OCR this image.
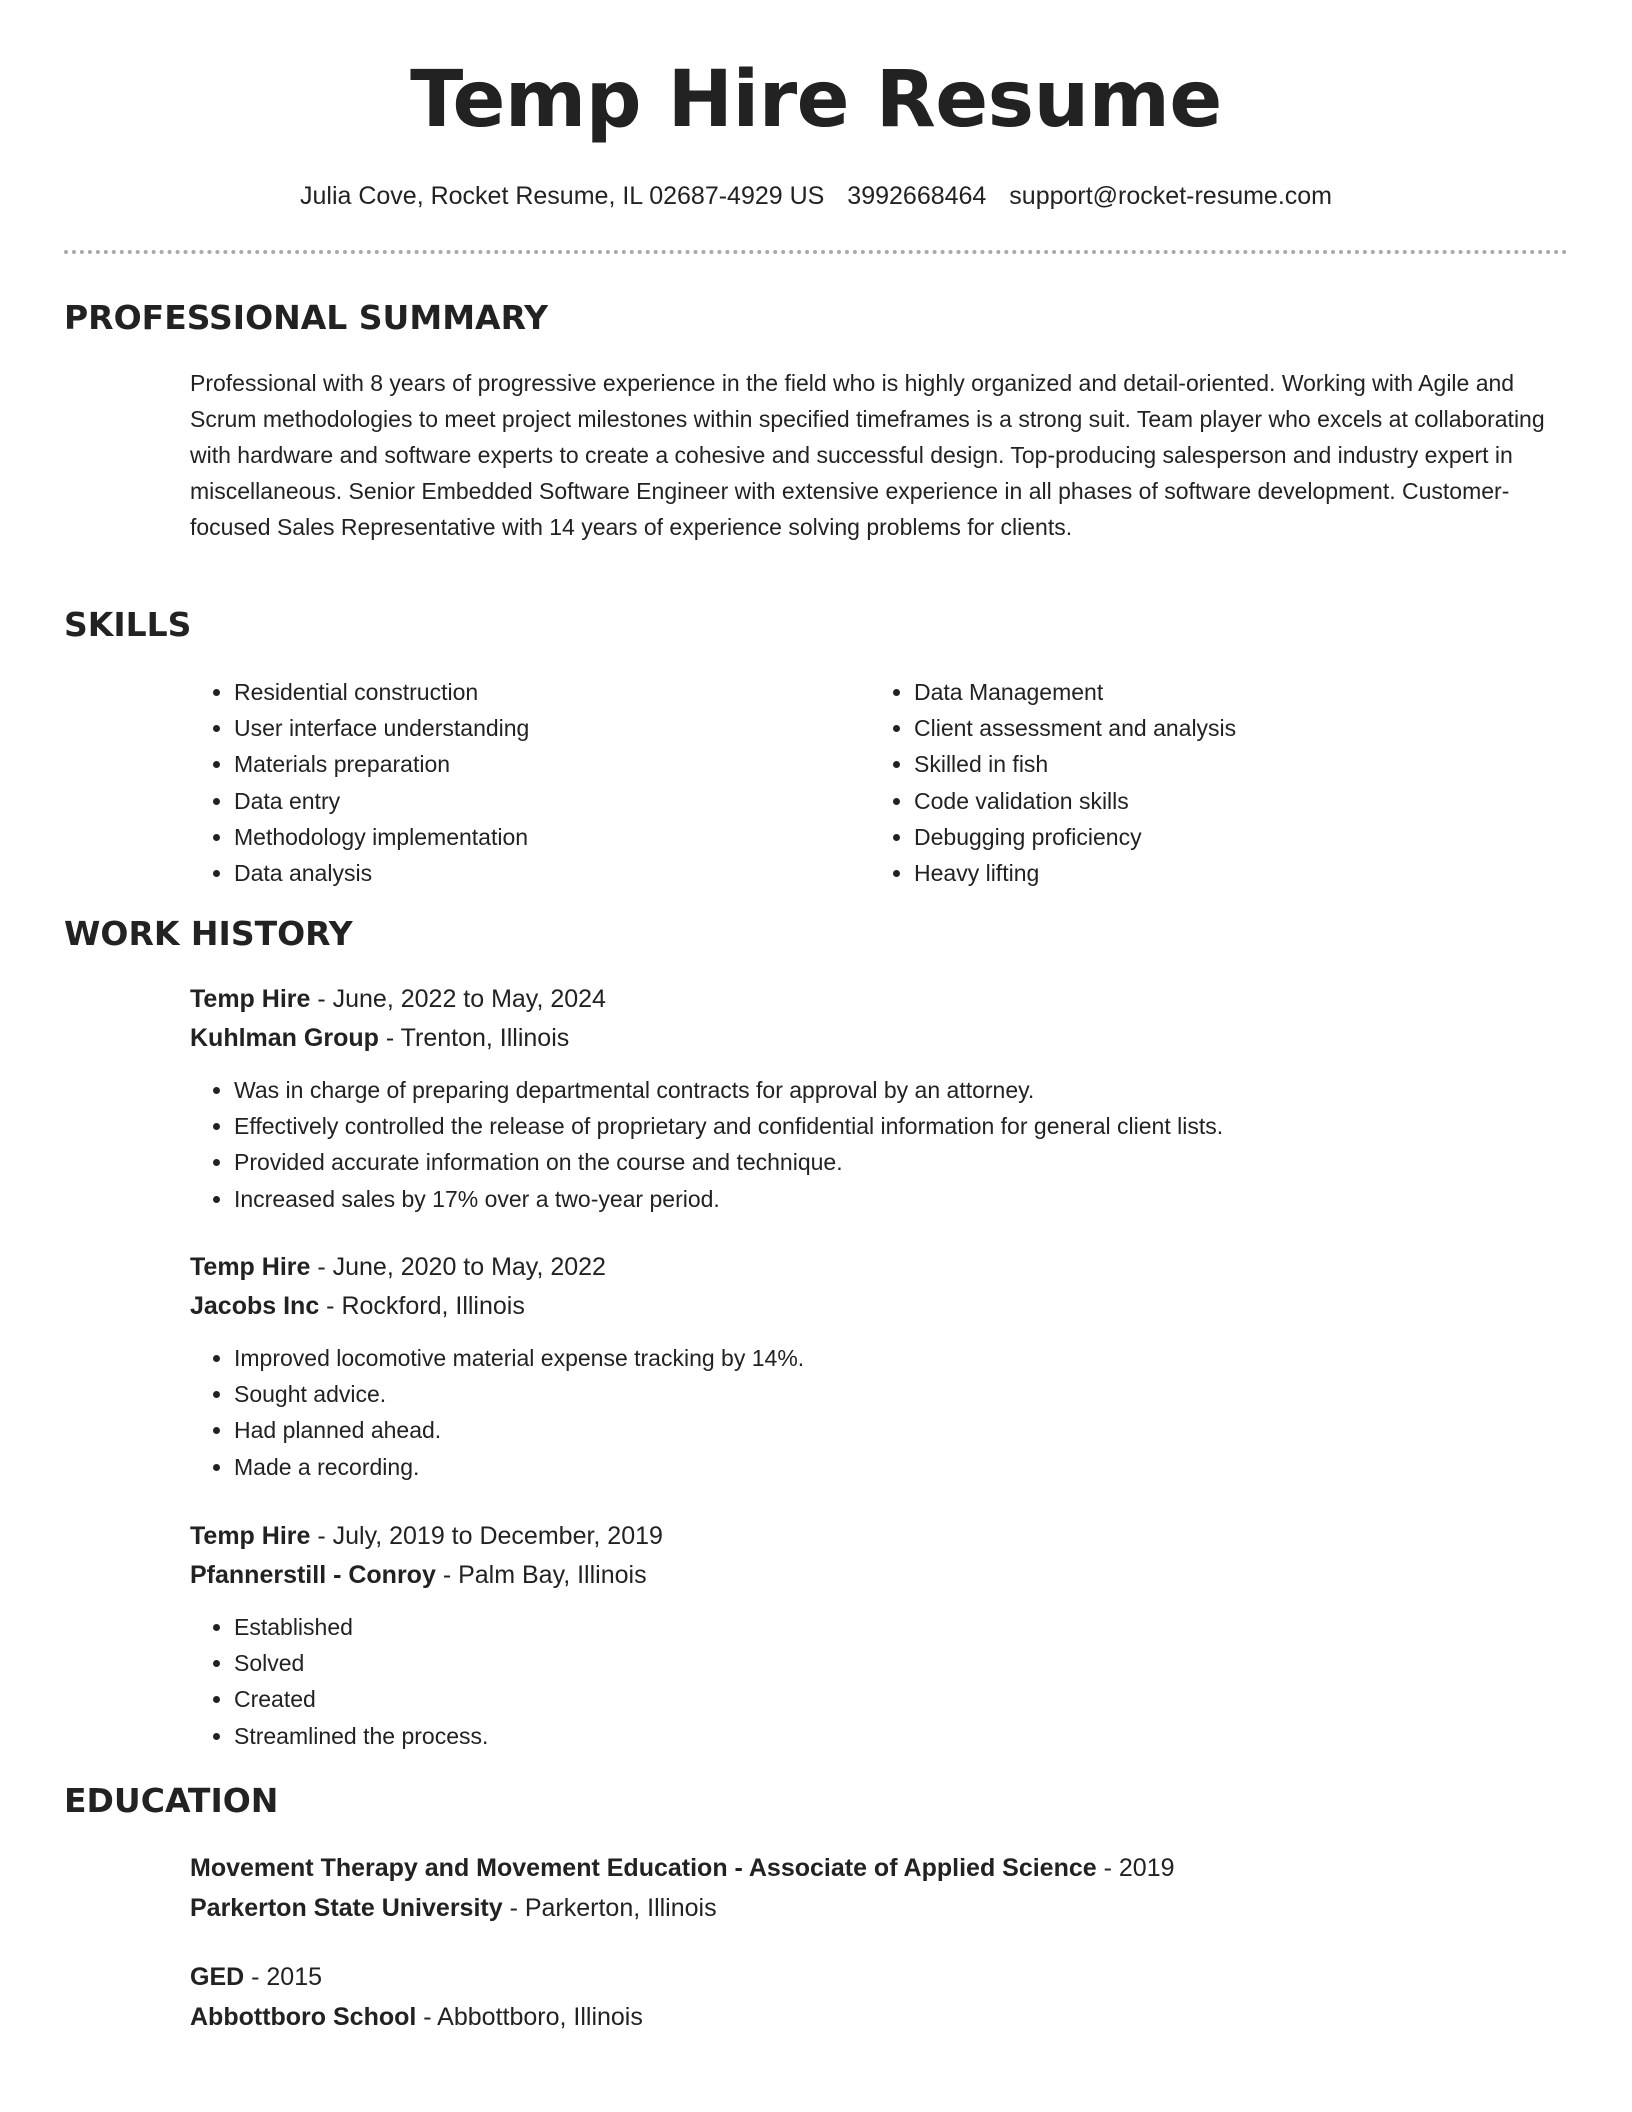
Temp Hire Resume
Julia Cove, Rocket Resume, IL 02687-4929 US 3992668464 support@rocket-resume.com
PROFESSIONAL SUMMARY

Professional with 8 years of progressive experience in the field who is highly organized and detail-oriented. Working with Agile and Scrum methodologies to meet project milestones within specified timeframes is a strong suit. Team player who excels at collaborating with hardware and software experts to create a cohesive and successful design. Top-producing salesperson and industry expert in miscellaneous. Senior Embedded Software Engineer with extensive experience in all phases of software development. Customer-focused Sales Representative with 14 years of experience solving problems for clients.

SKILLS
• Residential construction
• User interface understanding
• Materials preparation
• Data entry
• Methodology implementation
• Data analysis
• Data Management
• Client assessment and analysis
• Skilled in fish
• Code validation skills
• Debugging proficiency
• Heavy lifting
WORK HISTORY

Temp Hire - June, 2022 to May, 2024

Kuhlman Group - Trenton, Illinois

• Was in charge of preparing departmental contracts for approval by an attorney.
• Effectively controlled the release of proprietary and confidential information for general client lists.
• Provided accurate information on the course and technique.
• Increased sales by 17% over a two-year period.

Temp Hire - June, 2020 to May, 2022

Jacobs Inc - Rockford, Illinois

• Improved locomotive material expense tracking by 14%.
• Sought advice.
• Had planned ahead.
• Made a recording.

Temp Hire - July, 2019 to December, 2019

Pfannerstill - Conroy - Palm Bay, Illinois

• Established
• Solved
• Created
• Streamlined the process.
EDUCATION

Movement Therapy and Movement Education - Associate of Applied Science - 2019

Parkerton State University - Parkerton, Illinois

GED - 2015

Abbottboro School - Abbottboro, Illinois
